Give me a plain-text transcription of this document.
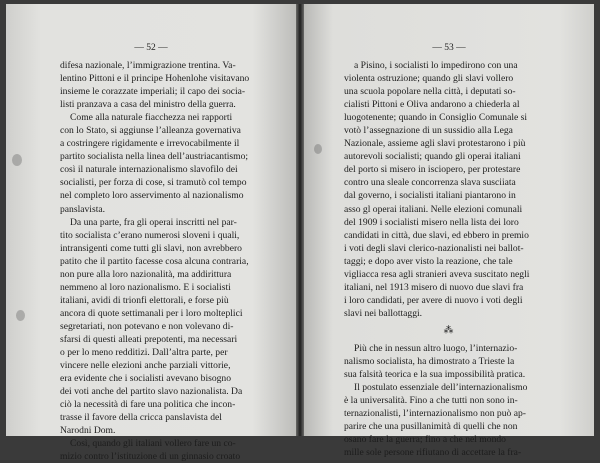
— 52 —
difesa nazionale, l’immigrazione trentina. Va-
lentino Pittoni e il principe Hohenlohe visitavano
insieme le corazzate imperiali; il capo dei socia-
listi pranzava a casa del ministro della guerra.
Come alla naturale fiacchezza nei rapporti
con lo Stato, si aggiunse l’alleanza governativa
a costringere rigidamente e irrevocabilmente il
partito socialista nella linea dell’austriacantismo;
così il naturale internazionalismo slavofilo dei
socialisti, per forza di cose, si tramutò col tempo
nel completo loro asservimento al nazionalismo
panslavista.
Da una parte, fra gli operai inscritti nel par-
tito socialista c’erano numerosi sloveni i quali,
intransigenti come tutti gli slavi, non avrebbero
patito che il partito facesse cosa alcuna contraria,
non pure alla loro nazionalità, ma addirittura
nemmeno al loro nazionalismo. E i socialisti
italiani, avidi di trionfi elettorali, e forse più
ancora di quote settimanali per i loro molteplici
segretariati, non potevano e non volevano di-
sfarsi di questi alleati prepotenti, ma necessari
o per lo meno redditizi. Dall’altra parte, per
vincere nelle elezioni anche parziali vittorie,
era evidente che i socialisti avevano bisogno
dei voti anche del partito slavo nazionalista. Da
ciò la necessità di fare una politica che incon-
trasse il favore della cricca panslavista del
Narodni Dom.
Così, quando gli italiani vollero fare un co-
mizio contro l’istituzione di un ginnasio croato
— 53 —
a Pisino, i socialisti lo impedirono con una
violenta ostruzione; quando gli slavi vollero
una scuola popolare nella città, i deputati so-
cialisti Pittoni e Oliva andarono a chiederla al
luogotenente; quando in Consiglio Comunale si
votò l’assegnazione di un sussidio alla Lega
Nazionale, assieme agli slavi protestarono i più
autorevoli socialisti; quando gli operai italiani
del porto si misero in isciopero, per protestare
contro una sleale concorrenza slava susciiata
dal governo, i socialisti italiani piantarono in
asso gl operai italiani. Nelle elezioni comunali
del 1909 i socialisti misero nella lista dei loro
candidati in città, due slavi, ed ebbero in premio
i voti degli slavi clerico-nazionalisti nei ballot-
taggi; e dopo aver visto la reazione, che tale
vigliacca resa agli stranieri aveva suscitato negli
italiani, nel 1913 misero di nuovo due slavi fra
i loro candidati, per avere di nuovo i voti degli
slavi nei ballottaggi.
⁂
Più che in nessun altro luogo, l’internazio-
nalismo socialista, ha dimostrato a Trieste la
sua falsità teorica e la sua impossibilità pratica.
Il postulato essenziale dell’internazionalismo
è la universalità. Fino a che tutti non sono in-
ternazionalisti, l’internazionalismo non può ap-
parire che una pusillanimità di quelli che non
osano fare la guerra; fino a che nel mondo
mille sole persone rifiutano di accettare la fra-
